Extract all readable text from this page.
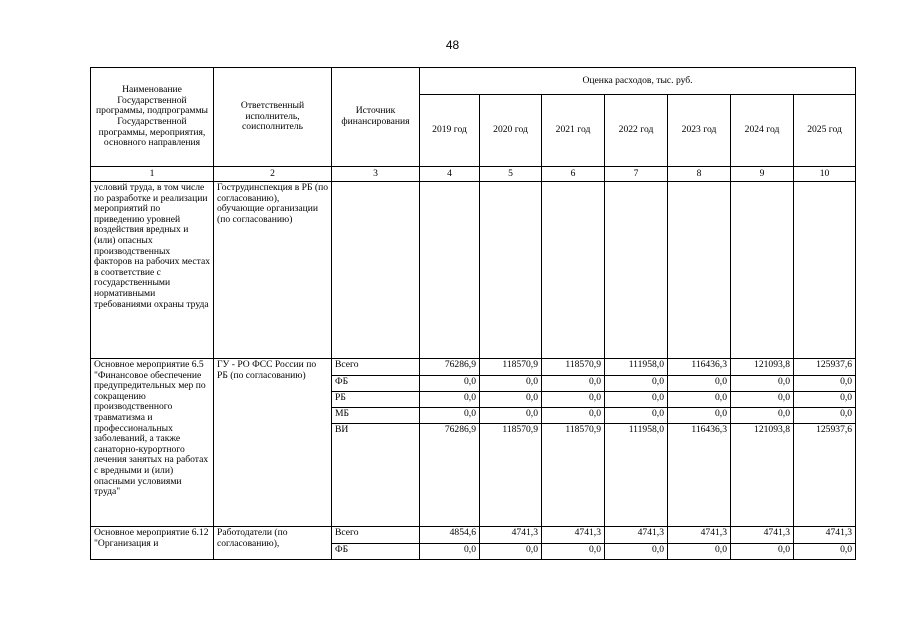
48
Наименование Государственной программы, подпрограммы Государственной программы, мероприятия, основного направления	Ответственный исполнитель, соисполнитель	Источник финансирования	Оценка расходов, тыс. руб.						
			2019 год	2020 год	2021 год	2022 год	2023 год	2024 год	2025 год
1	2	3	4	5	6	7	8	9	10
условий труда, в том числе по разработке и реализации мероприятий по приведению уровней воздействия вредных и (или) опасных производственных факторов на рабочих местах в соответствие с государственными нормативными требованиями охраны труда	Гострудинспекция в РБ (по согласованию), обучающие организации (по согласованию)								
Основное мероприятие 6.5 "Финансовое обеспечение предупредительных мер по сокращению производственного травматизма и профессиональных заболеваний, а также санаторно-курортного лечения занятых на работах с вредными и (или) опасными условиями труда"	ГУ - РО ФСС России по РБ (по согласованию)	Всего	76286,9	118570,9	118570,9	111958,0	116436,3	121093,8	125937,6
		ФБ	0,0	0,0	0,0	0,0	0,0	0,0	0,0
		РБ	0,0	0,0	0,0	0,0	0,0	0,0	0,0
		МБ	0,0	0,0	0,0	0,0	0,0	0,0	0,0
		ВИ	76286,9	118570,9	118570,9	111958,0	116436,3	121093,8	125937,6
Основное мероприятие 6.12 "Организация и	Работодатели (по согласованию),	Всего	4854,6	4741,3	4741,3	4741,3	4741,3	4741,3	4741,3
		ФБ	0,0	0,0	0,0	0,0	0,0	0,0	0,0
